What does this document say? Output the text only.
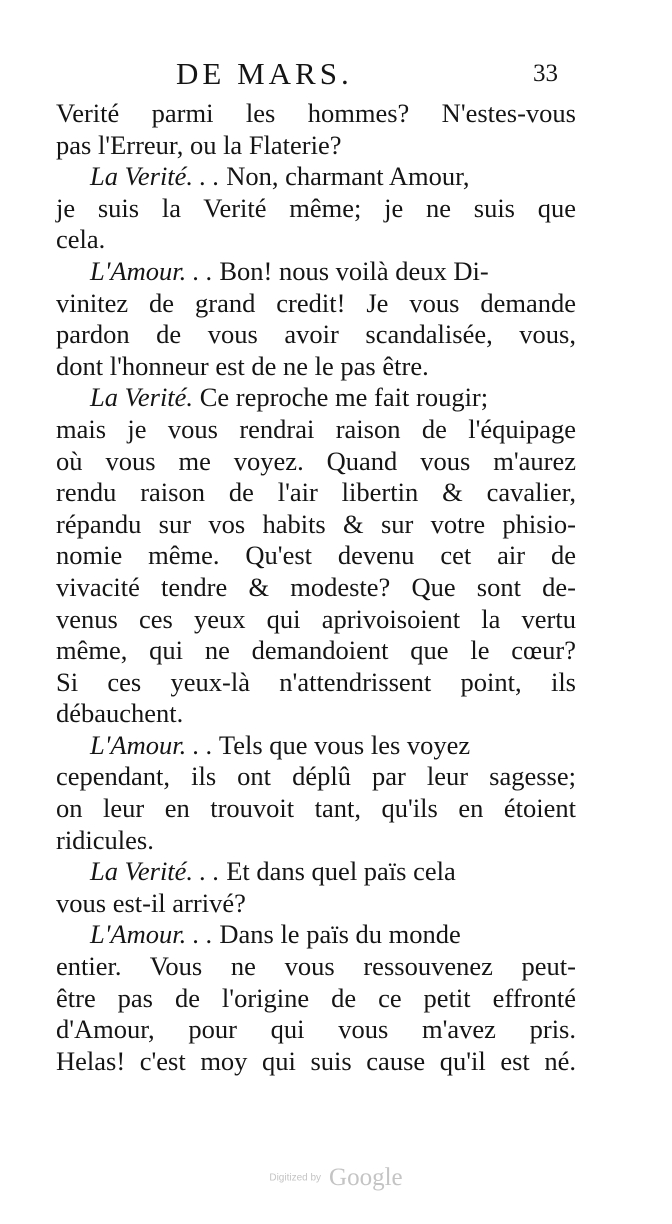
DE MARS.	33
Verité parmi les hommes? N'estes-vous
pas l'Erreur, ou la Flaterie?
La Verité. . . Non, charmant Amour,
je suis la Verité même; je ne suis que
cela.
L'Amour. . . Bon! nous voilà deux Di-
vinitez de grand credit! Je vous demande
pardon de vous avoir scandalisée, vous,
dont l'honneur est de ne le pas être.
La Verité. Ce reproche me fait rougir;
mais je vous rendrai raison de l'équipage
où vous me voyez. Quand vous m'aurez
rendu raison de l'air libertin & cavalier,
répandu sur vos habits & sur votre phisio-
nomie même. Qu'est devenu cet air de
vivacité tendre & modeste? Que sont de-
venus ces yeux qui aprivoisoient la vertu
même, qui ne demandoient que le cœur?
Si ces yeux-là n'attendrissent point, ils
débauchent.
L'Amour. . . Tels que vous les voyez
cependant, ils ont déplû par leur sagesse;
on leur en trouvoit tant, qu'ils en étoient
ridicules.
La Verité. . . Et dans quel païs cela
vous est-il arrivé?
L'Amour. . . Dans le païs du monde
entier. Vous ne vous ressouvenez peut-
être pas de l'origine de ce petit effronté
d'Amour, pour qui vous m'avez pris.
Helas! c'est moy qui suis cause qu'il est né.
Digitized by Google
